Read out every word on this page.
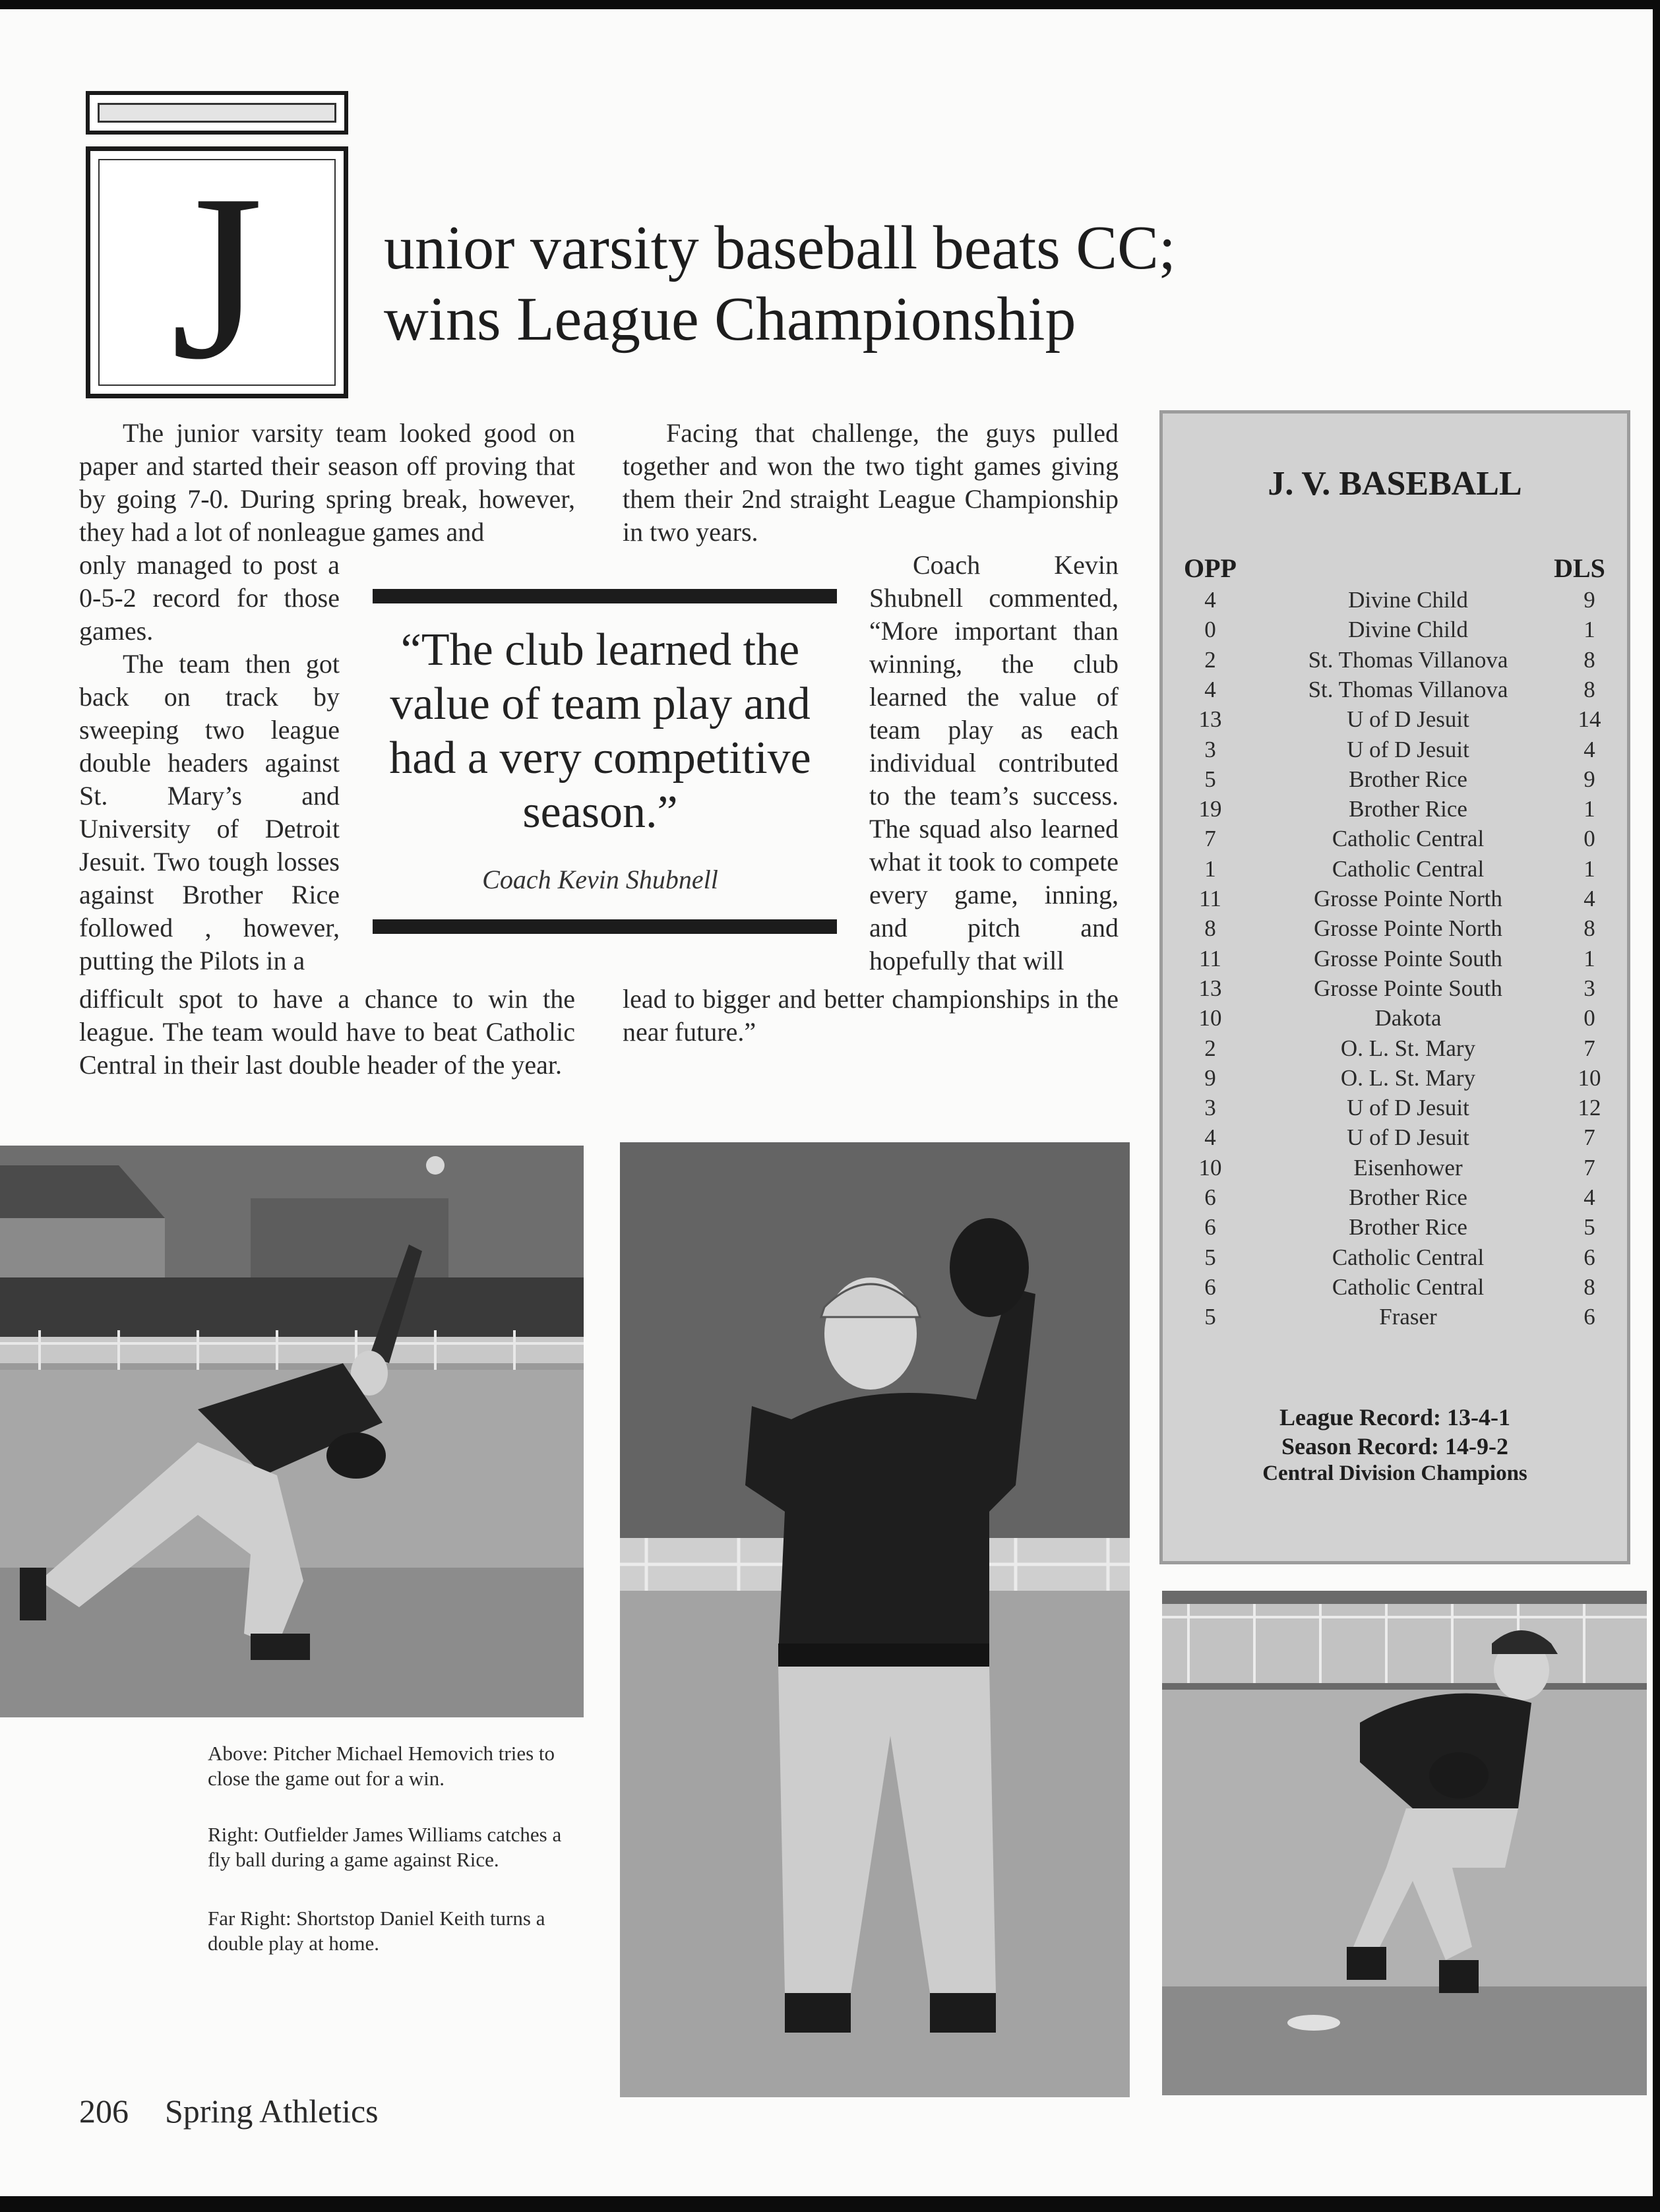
J	unior varsity baseball beats CC;
wins League Championship
The junior varsity team looked good on paper and started their season off proving that by going 7-0. During spring break, however, they had a lot of nonleague games and
only managed to post a 0-5-2 record for those games.
The team then got back on track by sweeping two league double headers against St. Mary’s and University of Detroit Jesuit. Two tough losses against Brother Rice followed , however, putting the Pilots in a
difficult spot to have a chance to win the league. The team would have to beat Catholic Central in their last double header of the year.
Facing that challenge, the guys pulled together and won the two tight games giving them their 2nd straight League Championship in two years.
Coach Kevin Shubnell commented, “More important than winning, the club learned the value of team play as each individual contributed to the team’s success. The squad also learned what it took to compete every game, inning, and pitch and hopefully that will
lead to bigger and better championships in the near future.”
“The club learned the value of team play and had a very competitive season.”
Coach Kevin Shubnell
J. V. BASEBALL
OPP	DLS
4	Divine Child	9
0	Divine Child	1
2	St. Thomas Villanova	8
4	St. Thomas Villanova	8
13	U of D Jesuit	14
3	U of D Jesuit	4
5	Brother Rice	9
19	Brother Rice	1
7	Catholic Central	0
1	Catholic Central	1
11	Grosse Pointe North	4
8	Grosse Pointe North	8
11	Grosse Pointe South	1
13	Grosse Pointe South	3
10	Dakota	0
2	O. L. St. Mary	7
9	O. L. St. Mary	10
3	U of D Jesuit	12
4	U of D Jesuit	7
10	Eisenhower	7
6	Brother Rice	4
6	Brother Rice	5
5	Catholic Central	6
6	Catholic Central	8
5	Fraser	6
League Record: 13-4-1
Season Record: 14-9-2
Central Division Champions
Above: Pitcher Michael Hemovich tries to close the game out for a win.
Right: Outfielder James Williams catches a fly ball during a game against Rice.
Far Right: Shortstop Daniel Keith turns a double play at home.
206 Spring Athletics
